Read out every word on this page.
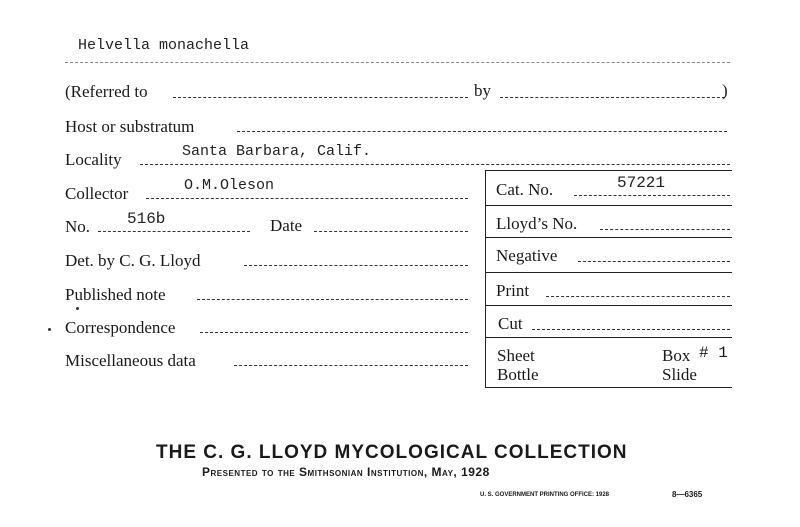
Helvella monachella
(Referred to	by	)
Host or substratum
Locality	Santa Barbara, Calif.
Cat. No.	57221
Lloyd’s No.
Negative
Print
Cut
Sheet
Bottle
Box # 1
Slide
Collector	O.M.Oleson
No. 516b	Date
Det. by C. G. Lloyd
Published note
Correspondence
Miscellaneous data
THE C. G. LLOYD MYCOLOGICAL COLLECTION
Presented to the Smithsonian Institution, May, 1928
U. S. GOVERNMENT PRINTING OFFICE: 1928	8—6365
